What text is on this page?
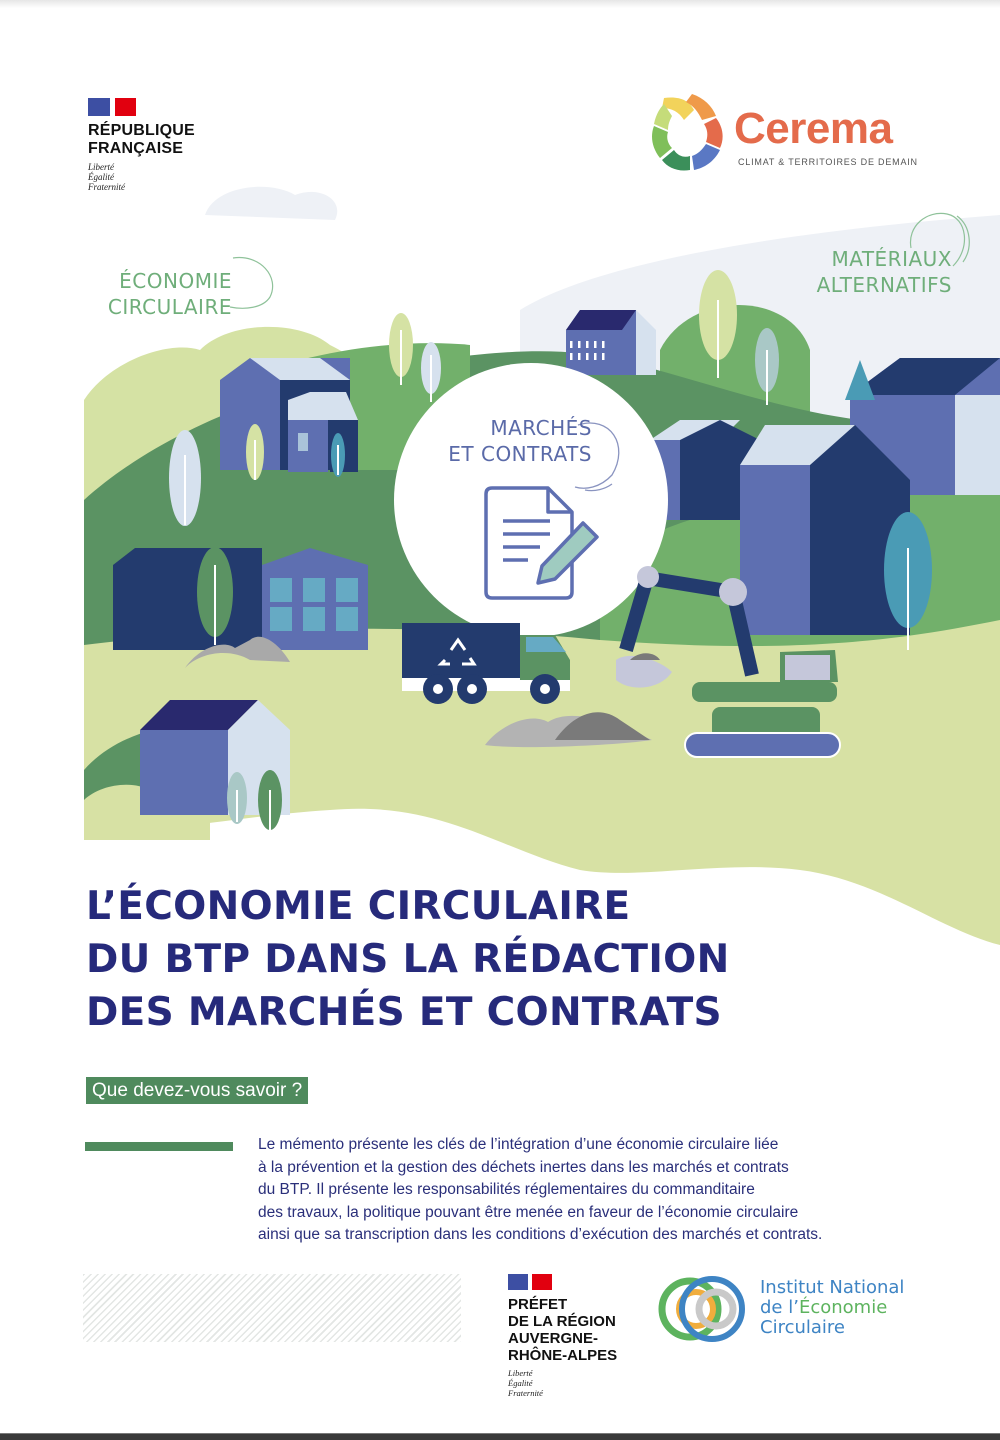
RÉPUBLIQUE
FRANÇAISE
Liberté
Égalité
Fraternité
Cerema
CLIMAT & TERRITOIRES DE DEMAIN
ÉCONOMIE
CIRCULAIRE
MATÉRIAUX
ALTERNATIFS
MARCHÉS
ET CONTRATS
L’ÉCONOMIE CIRCULAIRE
DU BTP DANS LA RÉDACTION
DES MARCHÉS ET CONTRATS
Que devez-vous savoir ?
Le mémento présente les clés de l’intégration d’une économie circulaire liée
à la prévention et la gestion des déchets inertes dans les marchés et contrats
du BTP. Il présente les responsabilités réglementaires du commanditaire
des travaux, la politique pouvant être menée en faveur de l’économie circulaire
ainsi que sa transcription dans les conditions d’exécution des marchés et contrats.
PRÉFET
DE LA RÉGION
AUVERGNE-
RHÔNE-ALPES
Liberté
Égalité
Fraternité
Institut National
de l’Économie
Circulaire
